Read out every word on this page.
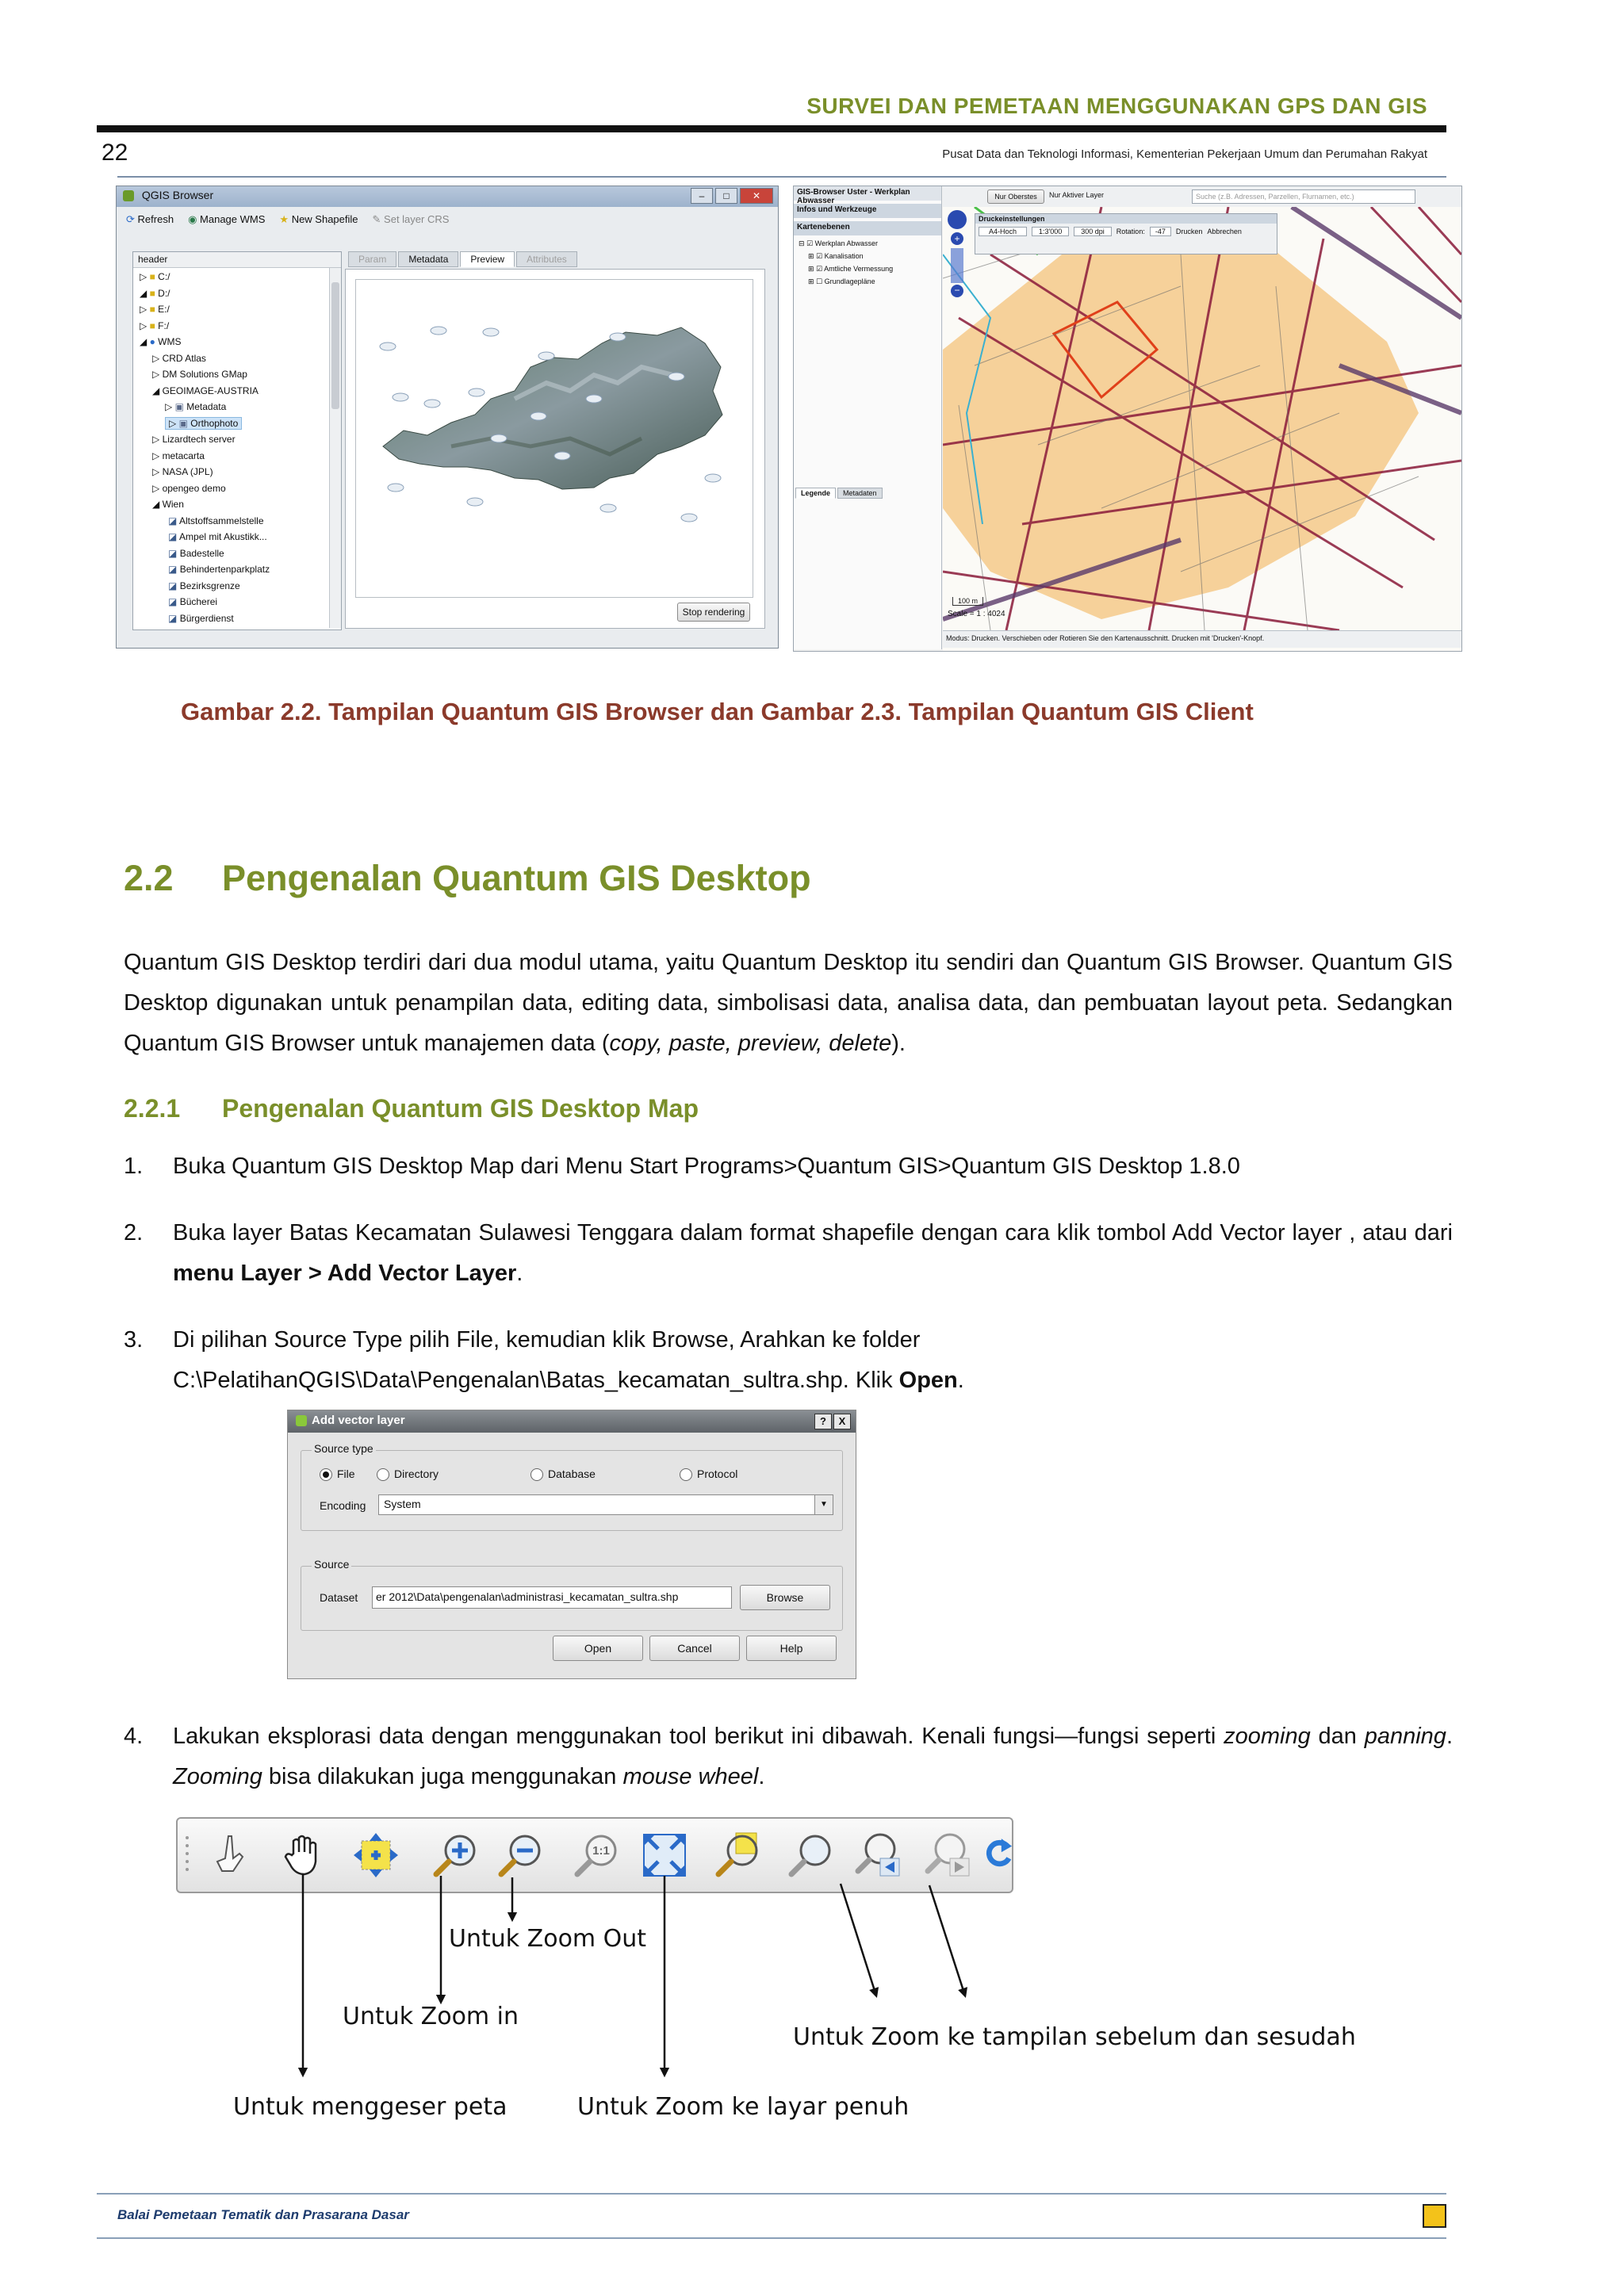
SURVEI DAN PEMETAAN MENGGUNAKAN GPS DAN GIS
22	Pusat Data dan Teknologi Informasi, Kementerian Pekerjaan Umum dan Perumahan Rakyat
QGIS Browser	–	□	✕
⟳ Refresh ◉ Manage WMS ★ New Shapefile ✎ Set layer CRS
header
▷ ■ C:/
◢ ■ D:/
▷ ■ E:/
▷ ■ F:/
◢ ● WMS
▷ CRD Atlas
▷ DM Solutions GMap
◢ GEOIMAGE-AUSTRIA
▷ ▣ Metadata
▷ ▣ Orthophoto
▷ Lizardtech server
▷ metacarta
▷ NASA (JPL)
▷ opengeo demo
◢ Wien
◪ Altstoffsammelstelle
◪ Ampel mit Akustikk...
◪ Badestelle
◪ Behindertenparkplatz
◪ Bezirksgrenze
◪ Bücherei
◪ Bürgerdienst
Param	Metadata	Preview	Attributes
Stop rendering
GIS-Browser Uster - Werkplan Abwasser
Infos und Werkzeuge
Kartenebenen
⊟ ☑ Werkplan Abwasser
⊞ ☑ Kanalisation
⊞ ☑ Amtliche Vermessung
⊞ ☐ Grundlagepläne
Legende	Metadaten
Nur Oberstes	Nur Aktiver Layer	Suche (z.B. Adressen, Parzellen, Flurnamen, etc.)
+
−
Druckeinstellungen
A4-Hoch	1:3'000	300 dpi	Rotation:	-47	Drucken Abbrechen
100 m
Scale = 1 : 4024
Modus: Drucken. Verschieben oder Rotieren Sie den Kartenausschnitt. Drucken mit 'Drucken'-Knopf.
Gambar 2.2. Tampilan Quantum GIS Browser dan Gambar 2.3. Tampilan Quantum GIS Client
2.2 Pengenalan Quantum GIS Desktop
Quantum GIS Desktop terdiri dari dua modul utama, yaitu Quantum Desktop itu sendiri dan Quantum GIS Browser. Quantum GIS Desktop digunakan untuk penampilan data, editing data, simbolisasi data, analisa data, dan pembuatan layout peta. Sedangkan Quantum GIS Browser untuk manajemen data (copy, paste, preview, delete).
2.2.1 Pengenalan Quantum GIS Desktop Map
1. Buka Quantum GIS Desktop Map dari Menu Start Programs>Quantum GIS>Quantum GIS Desktop 1.8.0
2. Buka layer Batas Kecamatan Sulawesi Tenggara dalam format shapefile dengan cara klik tombol Add Vector layer , atau dari menu Layer > Add Vector Layer.
3. Di pilihan Source Type pilih File, kemudian klik Browse, Arahkan ke folder
C:\PelatihanQGIS\Data\Pengenalan\Batas_kecamatan_sultra.shp. Klik Open.
Add vector layer	?	X
Source type
File	Directory	Database	Protocol
Encoding	System	▼
Source
Dataset	er 2012\Data\pengenalan\administrasi_kecamatan_sultra.shp	Browse
Open	Cancel	Help
4. Lakukan eksplorasi data dengan menggunakan tool berikut ini dibawah. Kenali fungsi—fungsi seperti zooming dan panning. Zooming bisa dilakukan juga menggunakan mouse wheel.
1:1
Untuk Zoom Out
Untuk Zoom in
Untuk Zoom ke tampilan sebelum dan sesudah
Untuk menggeser peta	Untuk Zoom ke layar penuh
Balai Pemetaan Tematik dan Prasarana Dasar
